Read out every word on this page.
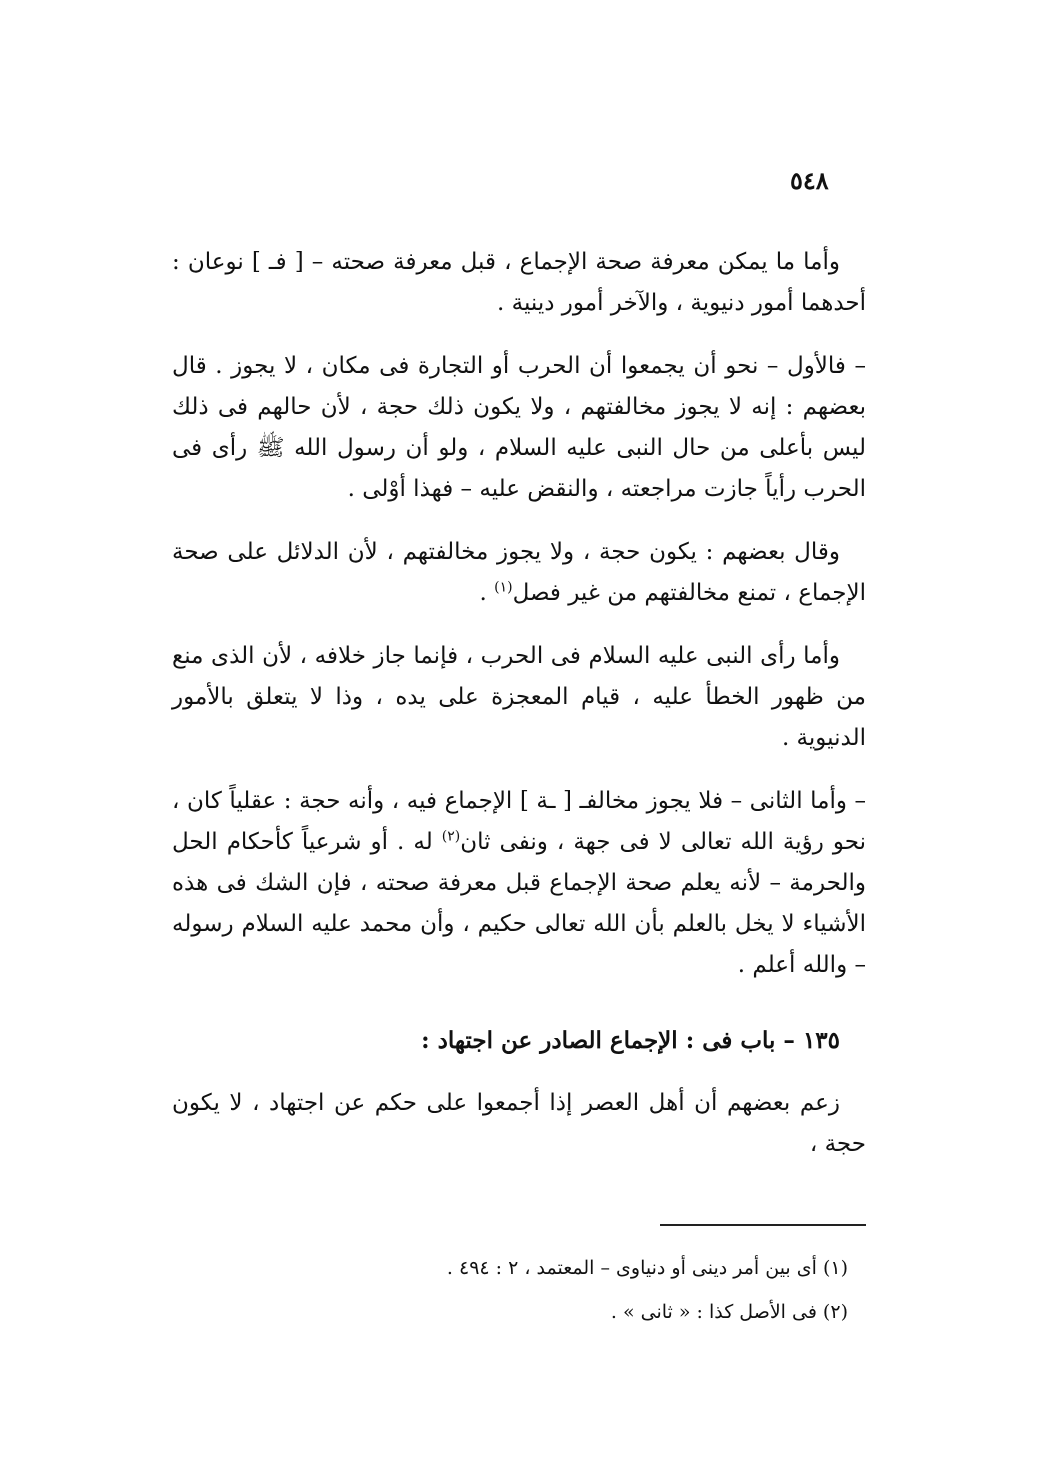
٥٤٨

وأما ما يمكن معرفة صحة الإجماع ، قبل معرفة صحته – [ فـ ] نوعان : أحدهما أمور دنيوية ، والآخر أمور دينية .

– فالأول – نحو أن يجمعوا أن الحرب أو التجارة فى مكان ، لا يجوز . قال بعضهم : إنه لا يجوز مخالفتهم ، ولا يكون ذلك حجة ، لأن حالهم فى ذلك ليس بأعلى من حال النبى عليه السلام ، ولو أن رسول الله ﷺ رأى فى الحرب رأياً جازت مراجعته ، والنقض عليه – فهذا أوْلى .

وقال بعضهم : يكون حجة ، ولا يجوز مخالفتهم ، لأن الدلائل على صحة الإجماع ، تمنع مخالفتهم من غير فصل$^{(١)}$ .

وأما رأى النبى عليه السلام فى الحرب ، فإنما جاز خلافه ، لأن الذى منع من ظهور الخطأ عليه ، قيام المعجزة على يده ، وذا لا يتعلق بالأمور الدنيوية .

– وأما الثانى – فلا يجوز مخالفـ [ ـة ] الإجماع فيه ، وأنه حجة : عقلياً كان ، نحو رؤية الله تعالى لا فى جهة ، ونفى ثان$^{(٢)}$ له . أو شرعياً كأحكام الحل والحرمة – لأنه يعلم صحة الإجماع قبل معرفة صحته ، فإن الشك فى هذه الأشياء لا يخل بالعلم بأن الله تعالى حكيم ، وأن محمد عليه السلام رسوله – والله أعلم .

١٣٥ – باب فى : الإجماع الصادر عن اجتهاد :

زعم بعضهم أن أهل العصر إذا أجمعوا على حكم عن اجتهاد ، لا يكون حجة ،

(١) أى بين أمر دينى أو دنياوى – المعتمد ، ٢ : ٤٩٤ .
(٢) فى الأصل كذا : « ثانى » .
